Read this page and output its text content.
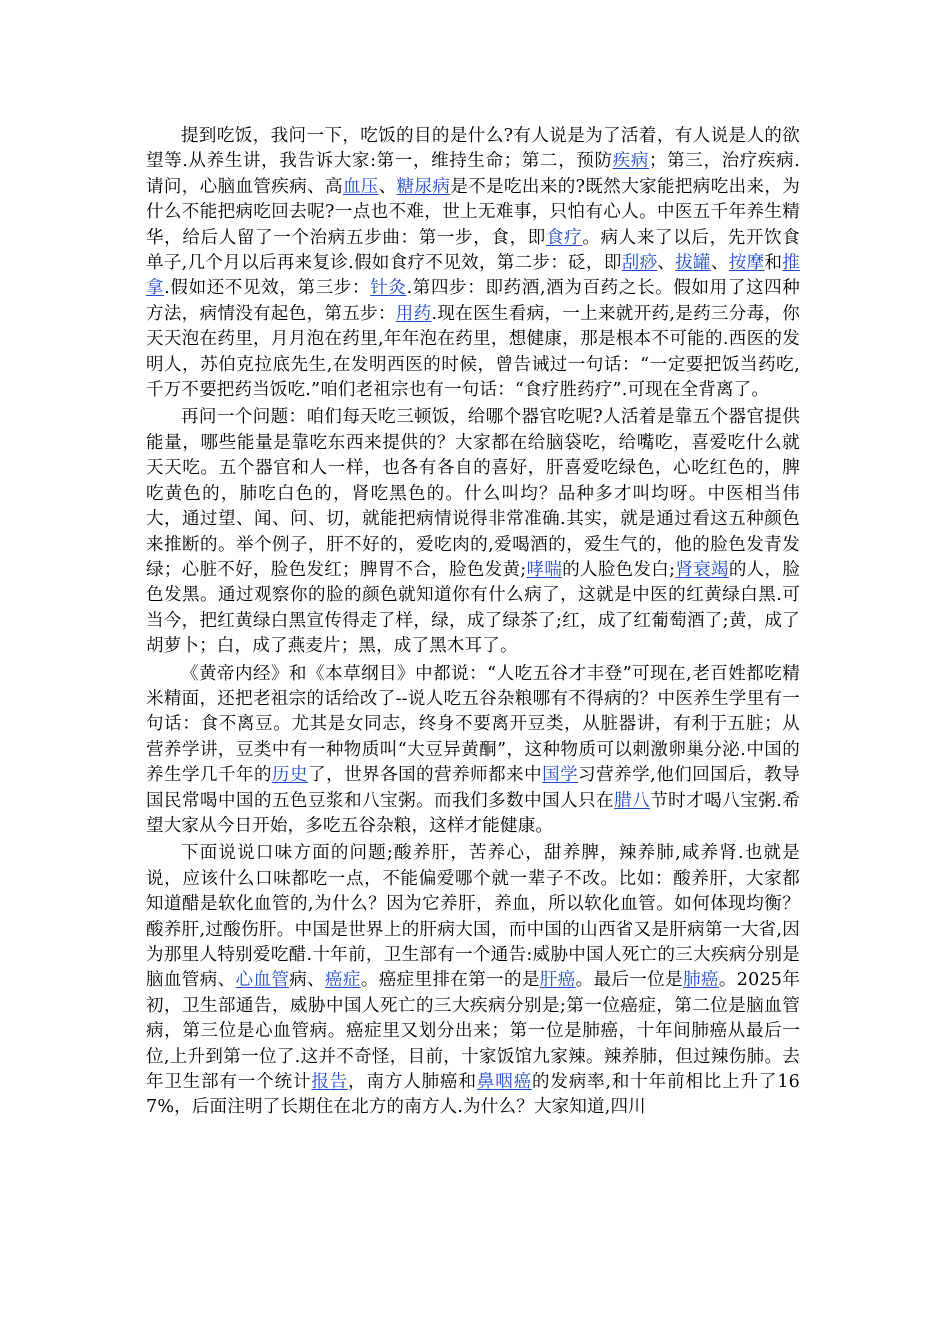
提到吃饭，我问一下，吃饭的目的是什么?有人说是为了活着，有人说是人的欲望等.从养生讲，我告诉大家:第一，维持生命；第二，预防疾病；第三，治疗疾病.请问，心脑血管疾病、高血压、糖尿病是不是吃出来的?既然大家能把病吃出来，为什么不能把病吃回去呢?一点也不难，世上无难事，只怕有心人。中医五千年养生精华，给后人留了一个治病五步曲：第一步，食，即食疗。病人来了以后，先开饮食单子,几个月以后再来复诊.假如食疗不见效，第二步：砭，即刮痧、拔罐、按摩和推拿.假如还不见效，第三步：针灸.第四步：即药酒,酒为百药之长。假如用了这四种方法，病情没有起色，第五步：用药.现在医生看病，一上来就开药,是药三分毒，你天天泡在药里，月月泡在药里,年年泡在药里，想健康，那是根本不可能的.西医的发明人，苏伯克拉底先生,在发明西医的时候，曾告诫过一句话：“一定要把饭当药吃,千万不要把药当饭吃.”咱们老祖宗也有一句话：“食疗胜药疗”.可现在全背离了。

再问一个问题：咱们每天吃三顿饭，给哪个器官吃呢?人活着是靠五个器官提供能量，哪些能量是靠吃东西来提供的？大家都在给脑袋吃，给嘴吃，喜爱吃什么就天天吃。五个器官和人一样，也各有各自的喜好，肝喜爱吃绿色，心吃红色的，脾吃黄色的，肺吃白色的，肾吃黑色的。什么叫均？品种多才叫均呀。中医相当伟大，通过望、闻、问、切，就能把病情说得非常准确.其实，就是通过看这五种颜色来推断的。举个例子，肝不好的，爱吃肉的,爱喝酒的，爱生气的，他的脸色发青发绿；心脏不好，脸色发红；脾胃不合，脸色发黄;哮喘的人脸色发白;肾衰竭的人，脸色发黑。通过观察你的脸的颜色就知道你有什么病了，这就是中医的红黄绿白黑.可当今，把红黄绿白黑宣传得走了样，绿，成了绿茶了;红，成了红葡萄酒了;黄，成了胡萝卜；白，成了燕麦片；黑，成了黑木耳了。

《黄帝内经》和《本草纲目》中都说：“人吃五谷才丰登”可现在,老百姓都吃精米精面，还把老祖宗的话给改了--说人吃五谷杂粮哪有不得病的？中医养生学里有一句话：食不离豆。尤其是女同志，终身不要离开豆类，从脏器讲，有利于五脏；从营养学讲，豆类中有一种物质叫“大豆异黄酮”，这种物质可以刺激卵巢分泌.中国的养生学几千年的历史了，世界各国的营养师都来中国学习营养学,他们回国后，教导国民常喝中国的五色豆浆和八宝粥。而我们多数中国人只在腊八节时才喝八宝粥.希望大家从今日开始，多吃五谷杂粮，这样才能健康。

下面说说口味方面的问题;酸养肝，苦养心，甜养脾，辣养肺,咸养肾.也就是说，应该什么口味都吃一点，不能偏爱哪个就一辈子不改。比如：酸养肝，大家都知道醋是软化血管的,为什么？因为它养肝，养血，所以软化血管。如何体现均衡？酸养肝,过酸伤肝。中国是世界上的肝病大国，而中国的山西省又是肝病第一大省,因为那里人特别爱吃醋.十年前，卫生部有一个通告:威胁中国人死亡的三大疾病分别是脑血管病、心血管病、癌症。癌症里排在第一的是肝癌。最后一位是肺癌。2025年初，卫生部通告，威胁中国人死亡的三大疾病分别是;第一位癌症，第二位是脑血管病，第三位是心血管病。癌症里又划分出来；第一位是肺癌，十年间肺癌从最后一位,上升到第一位了.这并不奇怪，目前，十家饭馆九家辣。辣养肺，但过辣伤肺。去年卫生部有一个统计报告，南方人肺癌和鼻咽癌的发病率,和十年前相比上升了167%，后面注明了长期住在北方的南方人.为什么？大家知道,四川
